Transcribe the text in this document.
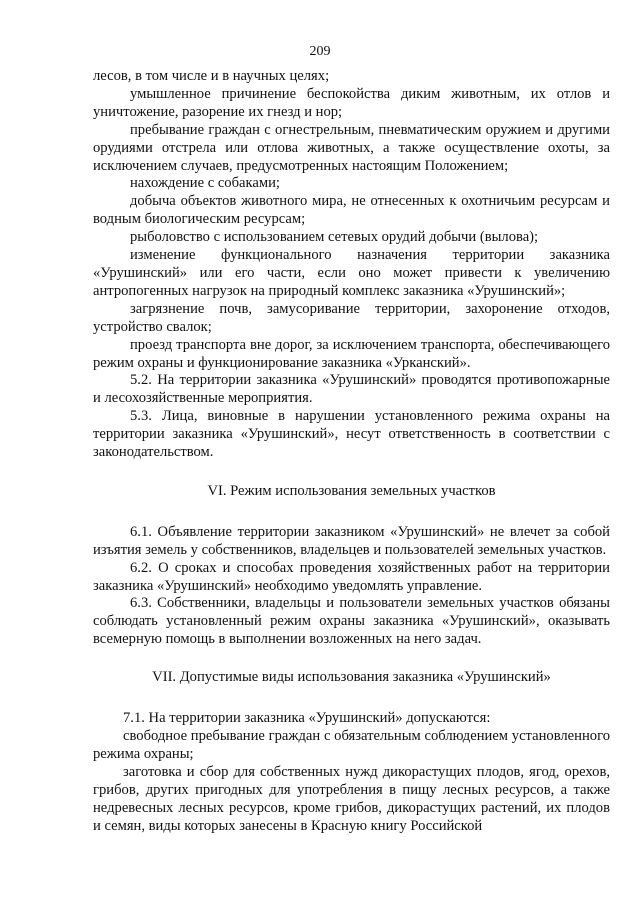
209

лесов, в том числе и в научных целях;

умышленное причинение беспокойства диким животным, их отлов и уничтожение, разорение их гнезд и нор;

пребывание граждан с огнестрельным, пневматическим оружием и другими орудиями отстрела или отлова животных, а также осуществление охоты, за исключением случаев, предусмотренных настоящим Положением;

нахождение с собаками;

добыча объектов животного мира, не отнесенных к охотничьим ресурсам и водным биологическим ресурсам;

рыболовство с использованием сетевых орудий добычи (вылова);

изменение функционального назначения территории заказника «Урушинский» или его части, если оно может привести к увеличению антропогенных нагрузок на природный комплекс заказника «Урушинский»;

загрязнение почв, замусоривание территории, захоронение отходов, устройство свалок;

проезд транспорта вне дорог, за исключением транспорта, обеспечивающего режим охраны и функционирование заказника «Урканский».

5.2. На территории заказника «Урушинский» проводятся противопожарные и лесохозяйственные мероприятия.

5.3. Лица, виновные в нарушении установленного режима охраны на территории заказника «Урушинский», несут ответственность в соответствии с законодательством.

VI. Режим использования земельных участков

6.1. Объявление территории заказником «Урушинский» не влечет за собой изъятия земель у собственников, владельцев и пользователей земельных участков.

6.2. О сроках и способах проведения хозяйственных работ на территории заказника «Урушинский» необходимо уведомлять управление.

6.3. Собственники, владельцы и пользователи земельных участков обязаны соблюдать установленный режим охраны заказника «Урушинский», оказывать всемерную помощь в выполнении возложенных на него задач.

VII. Допустимые виды использования заказника «Урушинский»

7.1. На территории заказника «Урушинский» допускаются:

свободное пребывание граждан с обязательным соблюдением установленного режима охраны;

заготовка и сбор для собственных нужд дикорастущих плодов, ягод, орехов, грибов, других пригодных для употребления в пищу лесных ресурсов, а также недревесных лесных ресурсов, кроме грибов, дикорастущих растений, их плодов и семян, виды которых занесены в Красную книгу Российской
